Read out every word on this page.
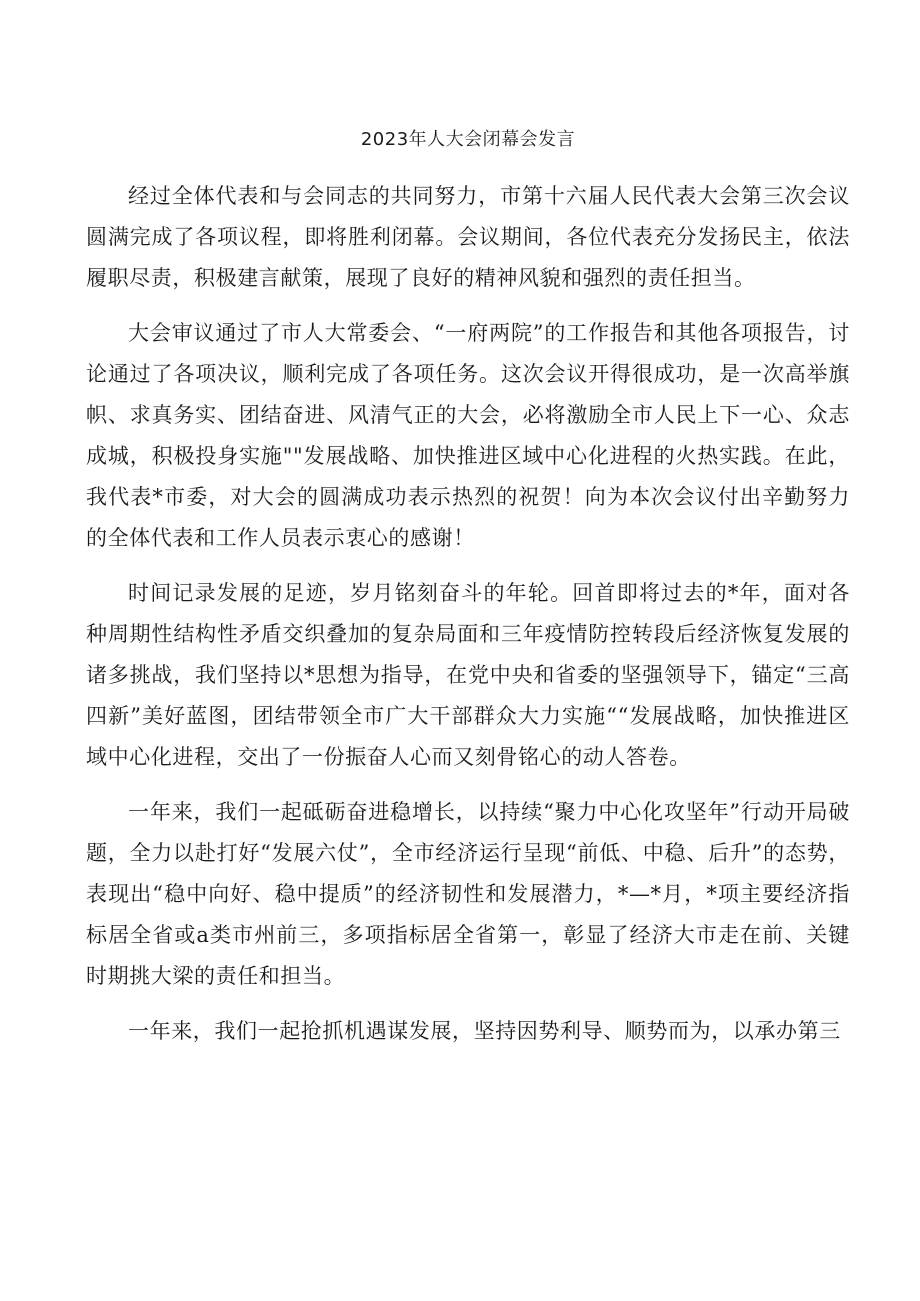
2023年人大会闭幕会发言

经过全体代表和与会同志的共同努力，市第十六届人民代表大会第三次会议圆满完成了各项议程，即将胜利闭幕。会议期间，各位代表充分发扬民主，依法履职尽责，积极建言献策，展现了良好的精神风貌和强烈的责任担当。

大会审议通过了市人大常委会、“一府两院”的工作报告和其他各项报告，讨论通过了各项决议，顺利完成了各项任务。这次会议开得很成功，是一次高举旗帜、求真务实、团结奋进、风清气正的大会，必将激励全市人民上下一心、众志成城，积极投身实施""发展战略、加快推进区域中心化进程的火热实践。在此，我代表*市委，对大会的圆满成功表示热烈的祝贺！向为本次会议付出辛勤努力的全体代表和工作人员表示衷心的感谢！

时间记录发展的足迹，岁月铭刻奋斗的年轮。回首即将过去的*年，面对各种周期性结构性矛盾交织叠加的复杂局面和三年疫情防控转段后经济恢复发展的诸多挑战，我们坚持以*思想为指导，在党中央和省委的坚强领导下，锚定“三高四新”美好蓝图，团结带领全市广大干部群众大力实施““发展战略，加快推进区域中心化进程，交出了一份振奋人心而又刻骨铭心的动人答卷。

一年来，我们一起砥砺奋进稳增长，以持续“聚力中心化攻坚年”行动开局破题，全力以赴打好“发展六仗”，全市经济运行呈现“前低、中稳、后升”的态势，表现出“稳中向好、稳中提质”的经济韧性和发展潜力，*—*月，*项主要经济指标居全省或a类市州前三，多项指标居全省第一，彰显了经济大市走在前、关键时期挑大梁的责任和担当。

一年来，我们一起抢抓机遇谋发展，坚持因势利导、顺势而为，以承办第三
